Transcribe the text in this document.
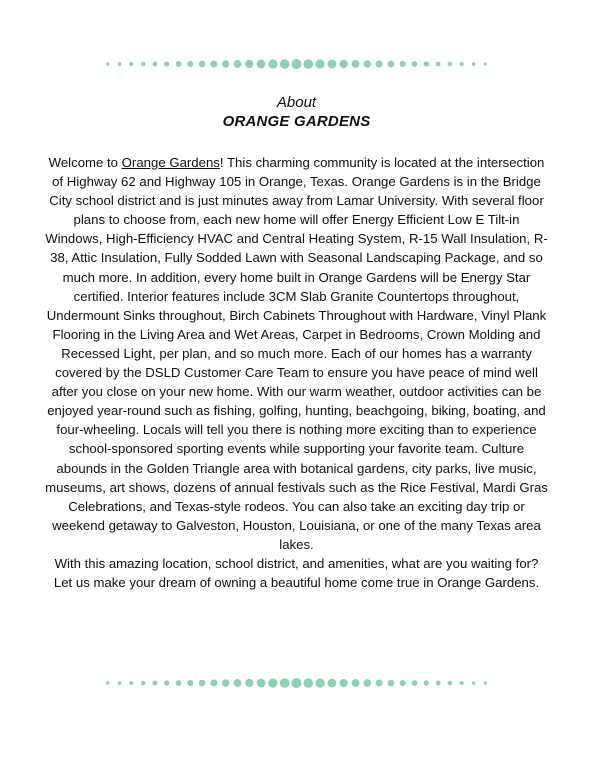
About
ORANGE GARDENS

Welcome to Orange Gardens! This charming community is located at the intersection of Highway 62 and Highway 105 in Orange, Texas. Orange Gardens is in the Bridge City school district and is just minutes away from Lamar University. With several floor plans to choose from, each new home will offer Energy Efficient Low E Tilt-in Windows, High-Efficiency HVAC and Central Heating System, R-15 Wall Insulation, R-38, Attic Insulation, Fully Sodded Lawn with Seasonal Landscaping Package, and so much more. In addition, every home built in Orange Gardens will be Energy Star certified. Interior features include 3CM Slab Granite Countertops throughout, Undermount Sinks throughout, Birch Cabinets Throughout with Hardware, Vinyl Plank Flooring in the Living Area and Wet Areas, Carpet in Bedrooms, Crown Molding and Recessed Light, per plan, and so much more. Each of our homes has a warranty covered by the DSLD Customer Care Team to ensure you have peace of mind well after you close on your new home. With our warm weather, outdoor activities can be enjoyed year-round such as fishing, golfing, hunting, beachgoing, biking, boating, and four-wheeling. Locals will tell you there is nothing more exciting than to experience school-sponsored sporting events while supporting your favorite team. Culture abounds in the Golden Triangle area with botanical gardens, city parks, live music, museums, art shows, dozens of annual festivals such as the Rice Festival, Mardi Gras Celebrations, and Texas-style rodeos. You can also take an exciting day trip or weekend getaway to Galveston, Houston, Louisiana, or one of the many Texas area lakes.

With this amazing location, school district, and amenities, what are you waiting for? Let us make your dream of owning a beautiful home come true in Orange Gardens.
